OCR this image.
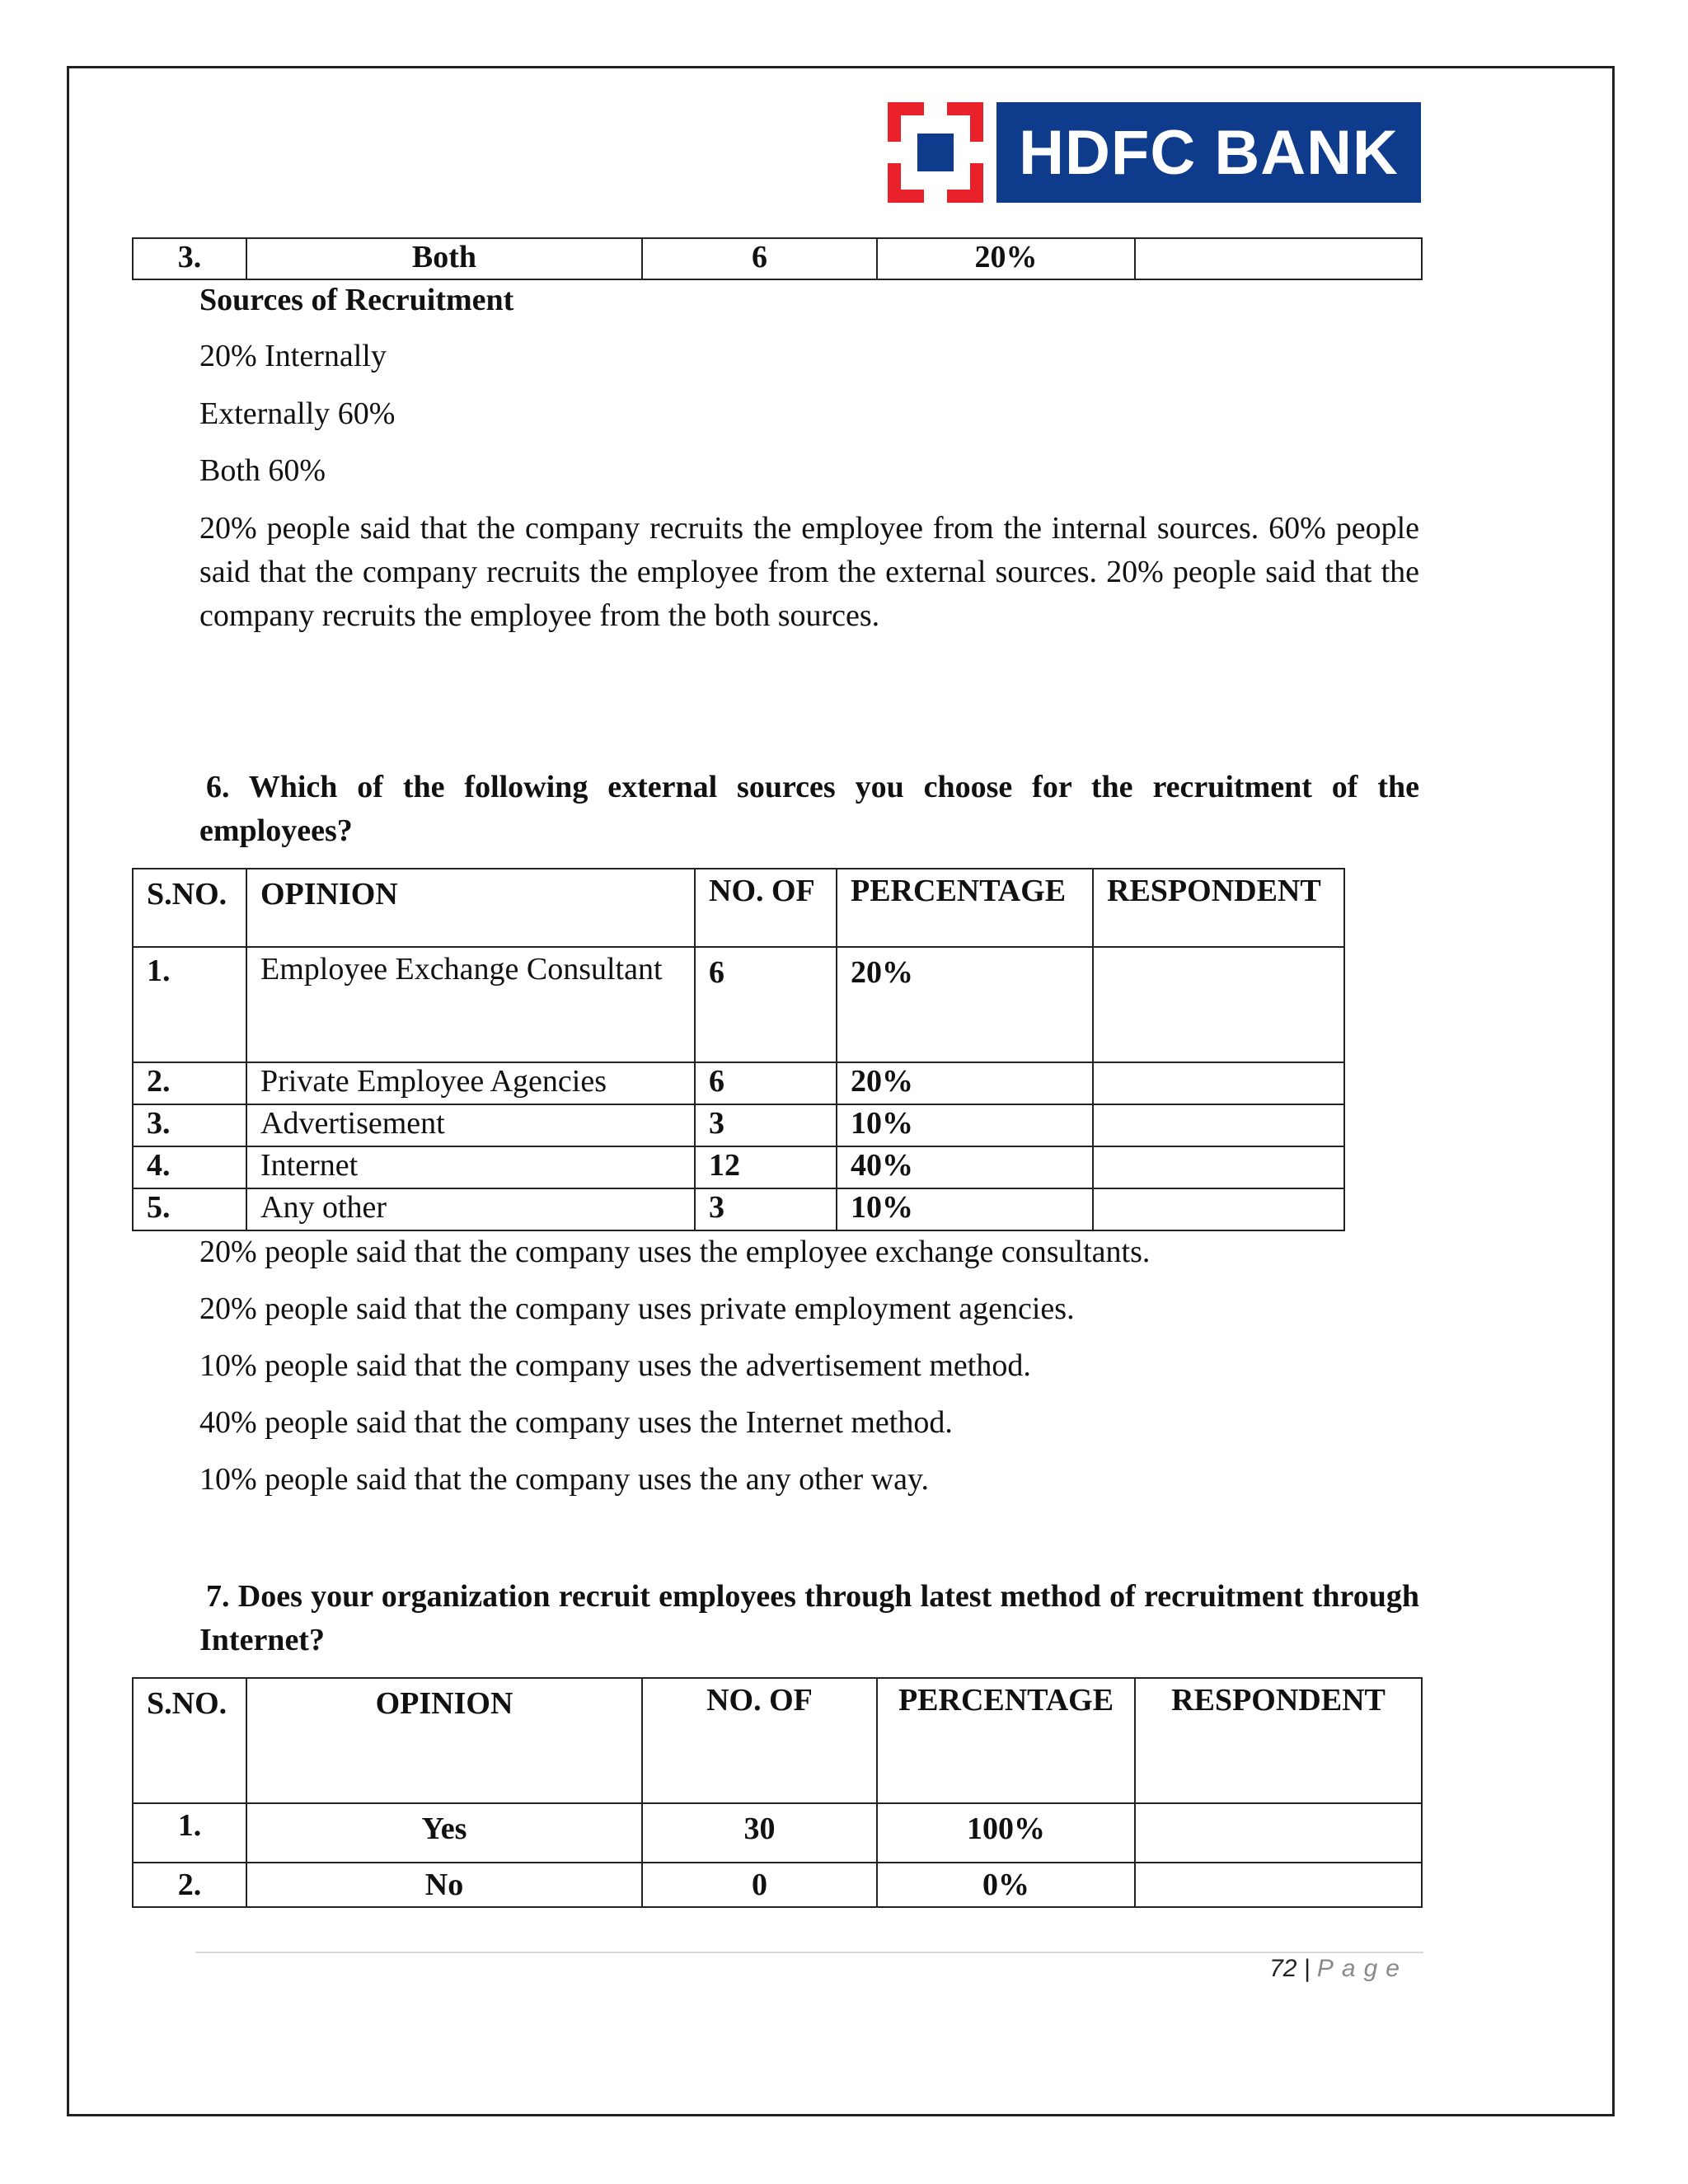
HDFC BANK
3.	Both	6	20%	
Sources of Recruitment
20% Internally
Externally 60%
Both 60%
20% people said that the company recruits the employee from the internal sources. 60% people said that the company recruits the employee from the external sources. 20% people said that the company recruits the employee from the both sources.
6. Which of the following external sources you choose for the recruitment of the employees?
S.NO.	OPINION	NO. OF	PERCENTAGE	RESPONDENT
1.	Employee Exchange Consultant	6	20%	
2.	Private Employee Agencies	6	20%	
3.	Advertisement	3	10%	
4.	Internet	12	40%	
5.	Any other	3	10%	
20% people said that the company uses the employee exchange consultants.
20% people said that the company uses private employment agencies.
10% people said that the company uses the advertisement method.
40% people said that the company uses the Internet method.
10% people said that the company uses the any other way.
7. Does your organization recruit employees through latest method of recruitment through Internet?
S.NO.	OPINION	NO. OF	PERCENTAGE	RESPONDENT
1.	Yes	30	100%	
2.	No	0	0%	
72 | Page
